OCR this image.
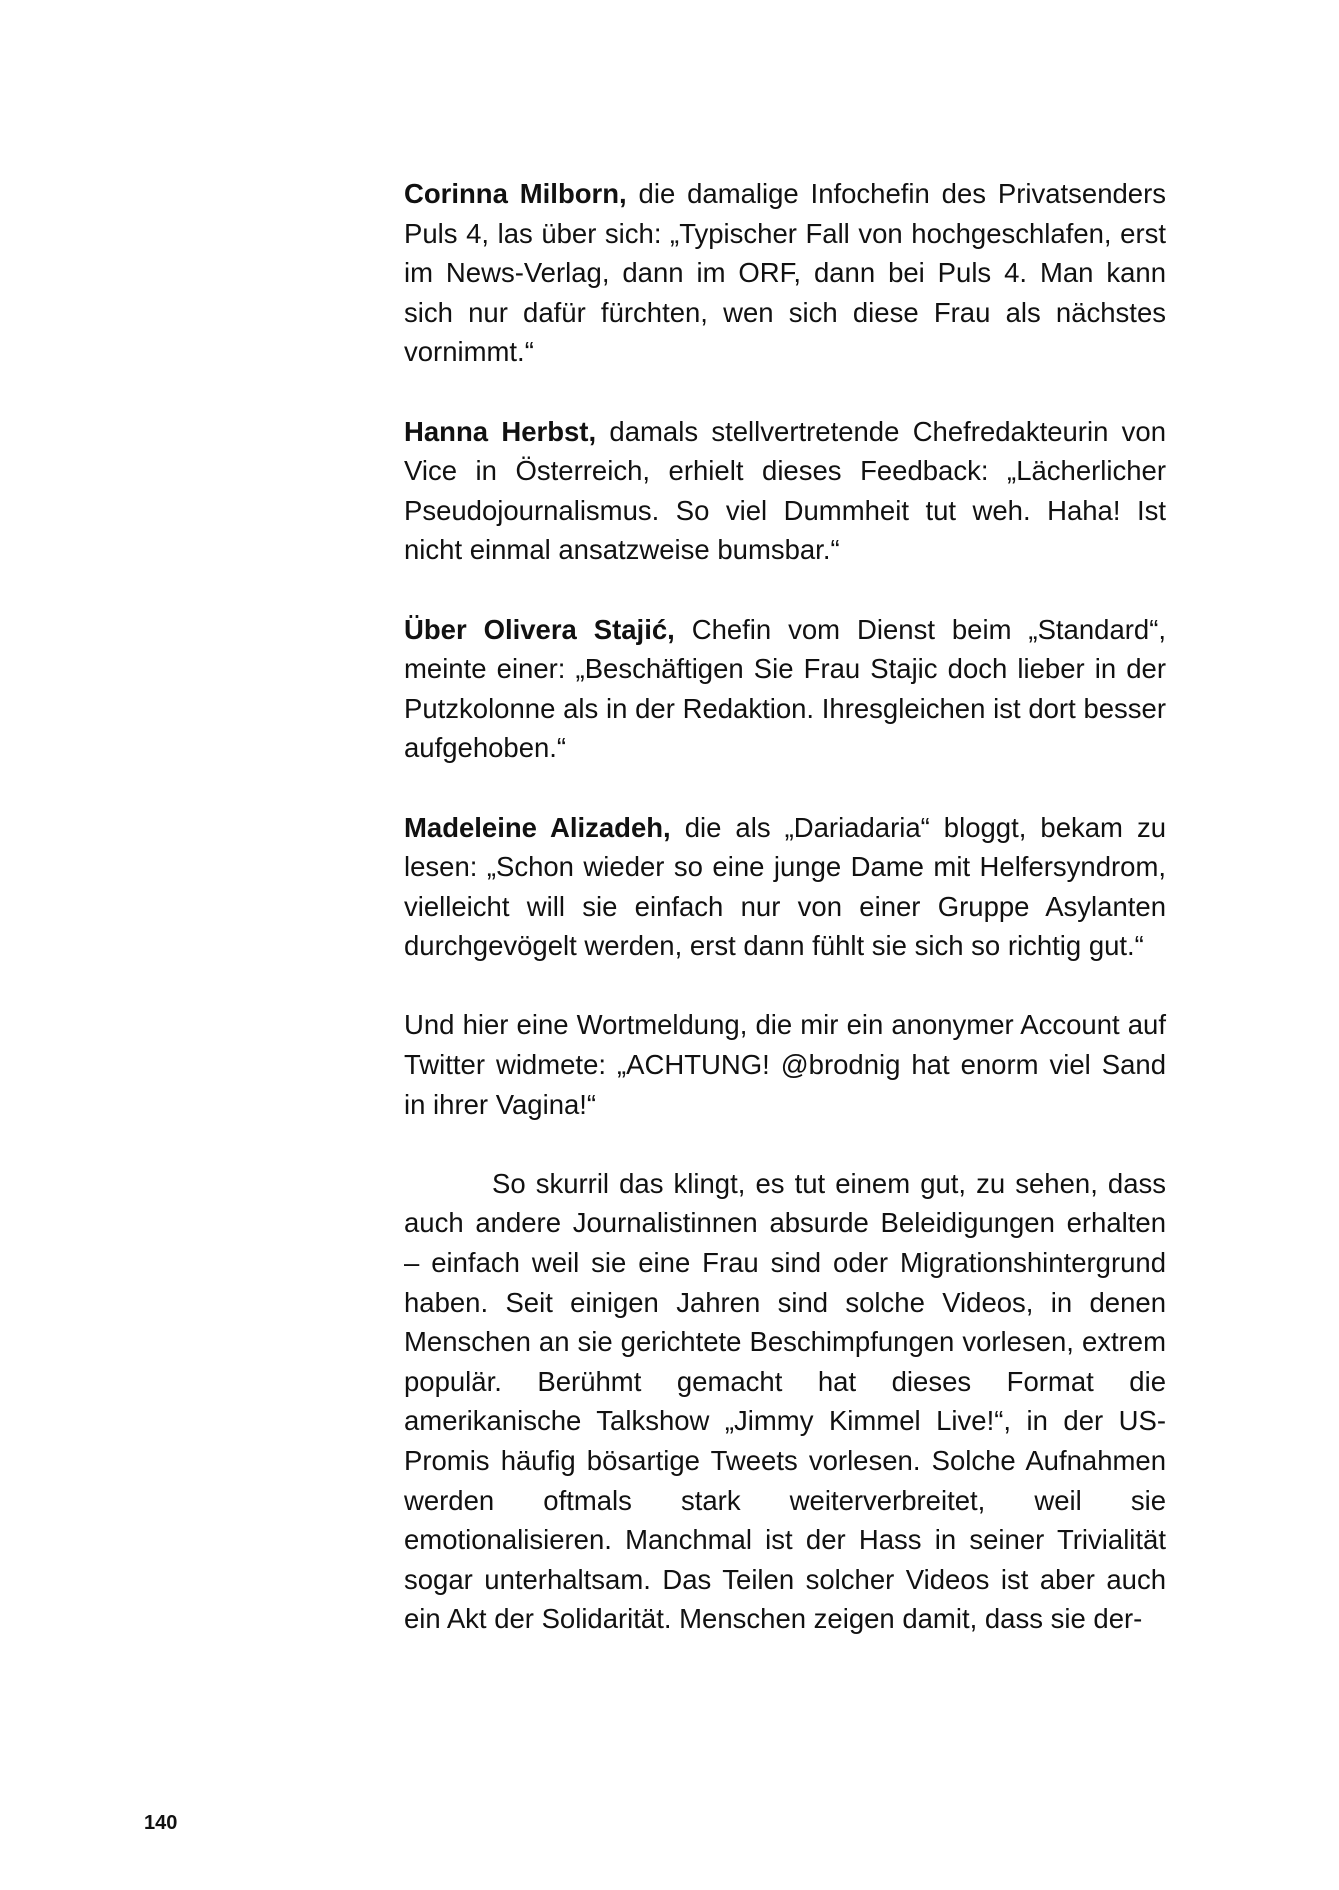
Corinna Milborn, die damalige Infochefin des Privatsenders Puls 4, las über sich: „Typischer Fall von hochgeschlafen, erst im News-Verlag, dann im ORF, dann bei Puls 4. Man kann sich nur dafür fürchten, wen sich diese Frau als nächstes vornimmt.“

Hanna Herbst, damals stellvertretende Chefredakteurin von Vice in Österreich, erhielt dieses Feedback: „Lächerlicher Pseudojournalismus. So viel Dummheit tut weh. Haha! Ist nicht einmal ansatzweise bumsbar.“

Über Olivera Stajić, Chefin vom Dienst beim „Standard“, meinte einer: „Beschäftigen Sie Frau Stajic doch lieber in der Putzkolonne als in der Redaktion. Ihresgleichen ist dort besser aufgehoben.“

Madeleine Alizadeh, die als „Dariadaria“ bloggt, bekam zu lesen: „Schon wieder so eine junge Dame mit Helfersyndrom, vielleicht will sie einfach nur von einer Gruppe Asylanten durchgevögelt werden, erst dann fühlt sie sich so richtig gut.“

Und hier eine Wortmeldung, die mir ein anonymer Account auf Twitter widmete: „ACHTUNG! @brodnig hat enorm viel Sand in ihrer Vagina!“

So skurril das klingt, es tut einem gut, zu sehen, dass auch andere Journalistinnen absurde Beleidigungen erhalten – einfach weil sie eine Frau sind oder Migrationshintergrund haben. Seit einigen Jahren sind solche Videos, in denen Menschen an sie gerichtete Beschimpfungen vorlesen, extrem populär. Berühmt gemacht hat dieses Format die amerikanische Talkshow „Jimmy Kimmel Live!“, in der US-Promis häufig bösartige Tweets vorlesen. Solche Aufnahmen werden oftmals stark weiterverbreitet, weil sie emotionalisieren. Manchmal ist der Hass in seiner Trivialität sogar unterhaltsam. Das Teilen solcher Videos ist aber auch ein Akt der Solidarität. Menschen zeigen damit, dass sie der-

140
